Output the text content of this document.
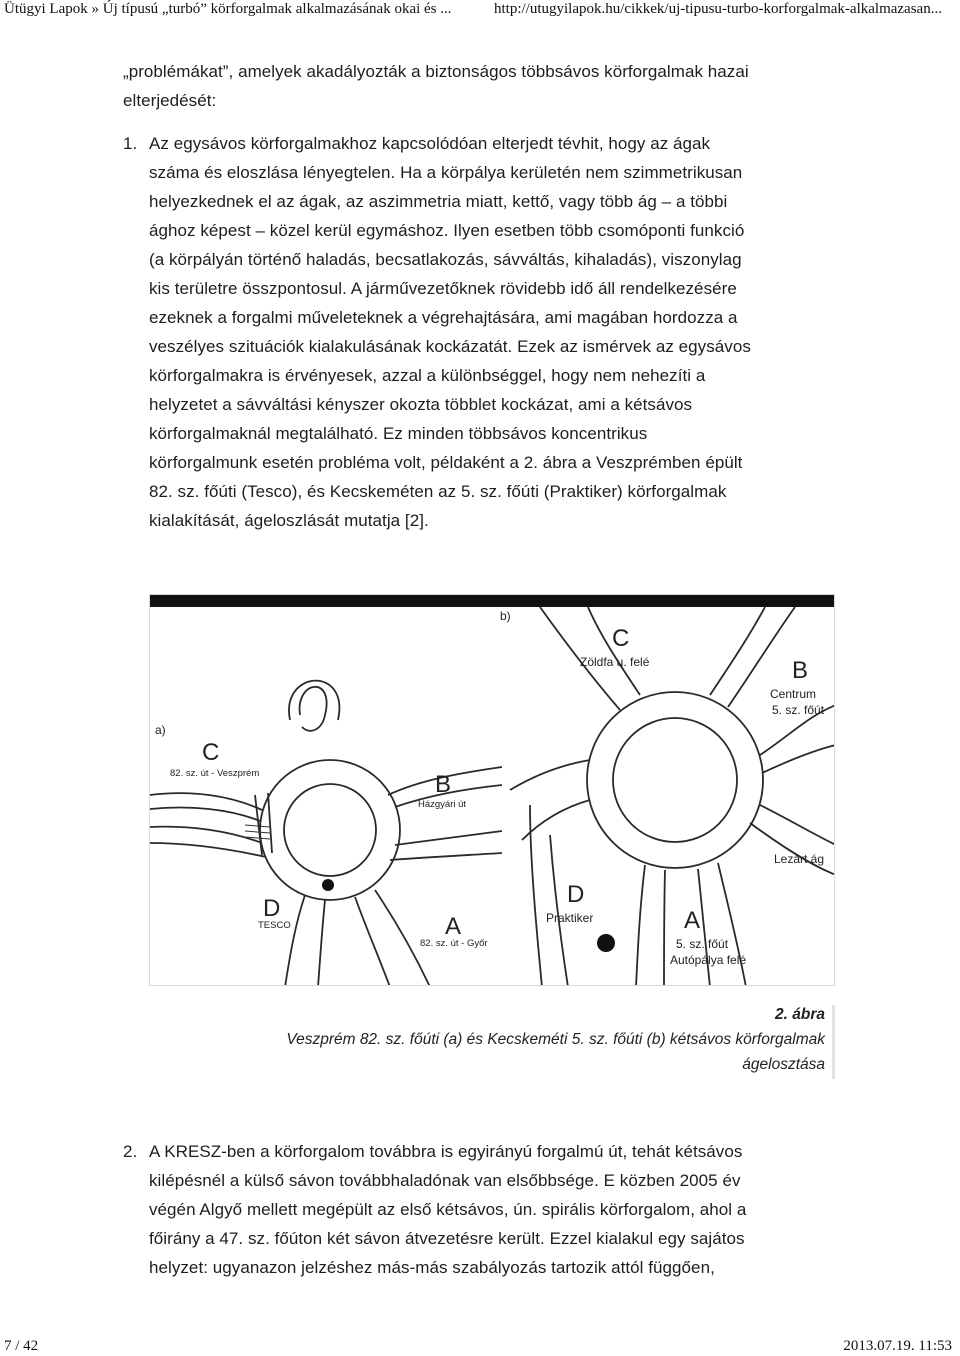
Ütügyi Lapok » Új típusú „turbó” körforgalmak alkalmazásának okai és ...	http://utugyilapok.hu/cikkek/uj-tipusu-turbo-korforgalmak-alkalmazasan...
„problémákat”, amelyek akadályozták a biztonságos többsávos körforgalmak hazai
elterjedését:
1. Az egysávos körforgalmakhoz kapcsolódóan elterjedt tévhit, hogy az ágak
száma és eloszlása lényegtelen. Ha a körpálya kerületén nem szimmetrikusan
helyezkednek el az ágak, az aszimmetria miatt, kettő, vagy több ág – a többi
ághoz képest – közel kerül egymáshoz. Ilyen esetben több csomóponti funkció
(a körpályán történő haladás, becsatlakozás, sávváltás, kihaladás), viszonylag
kis területre összpontosul. A járművezetőknek rövidebb idő áll rendelkezésére
ezeknek a forgalmi műveleteknek a végrehajtására, ami magában hordozza a
veszélyes szituációk kialakulásának kockázatát. Ezek az ismérvek az egysávos
körforgalmakra is érvényesek, azzal a különbséggel, hogy nem nehezíti a
helyzetet a sávváltási kényszer okozta többlet kockázat, ami a kétsávos
körforgalmaknál megtalálható. Ez minden többsávos koncentrikus
körforgalmunk esetén probléma volt, példaként a 2. ábra a Veszprémben épült
82. sz. főúti (Tesco), és Kecskeméten az 5. sz. főúti (Praktiker) körforgalmak
kialakítását, ágeloszlását mutatja [2].
a)
C
82. sz. út - Veszprém	B
Házgyári út
D
TESCO	A
82. sz. út - Győr
b)
C
Zöldfa u. felé	B
Centrum
5. sz. főút
Lezárt ág
D
Praktiker	A
5. sz. főút
Autópálya felé
2. ábra
Veszprém 82. sz. főúti (a) és Kecskeméti 5. sz. főúti (b) kétsávos körforgalmak
ágelosztása
2. A KRESZ-ben a körforgalom továbbra is egyirányú forgalmú út, tehát kétsávos
kilépésnél a külső sávon továbbhaladónak van elsőbbsége. E közben 2005 év
végén Algyő mellett megépült az első kétsávos, ún. spirális körforgalom, ahol a
főirány a 47. sz. főúton két sávon átvezetésre került. Ezzel kialakul egy sajátos
helyzet: ugyanazon jelzéshez más-más szabályozás tartozik attól függően,
7 / 42	2013.07.19. 11:53
